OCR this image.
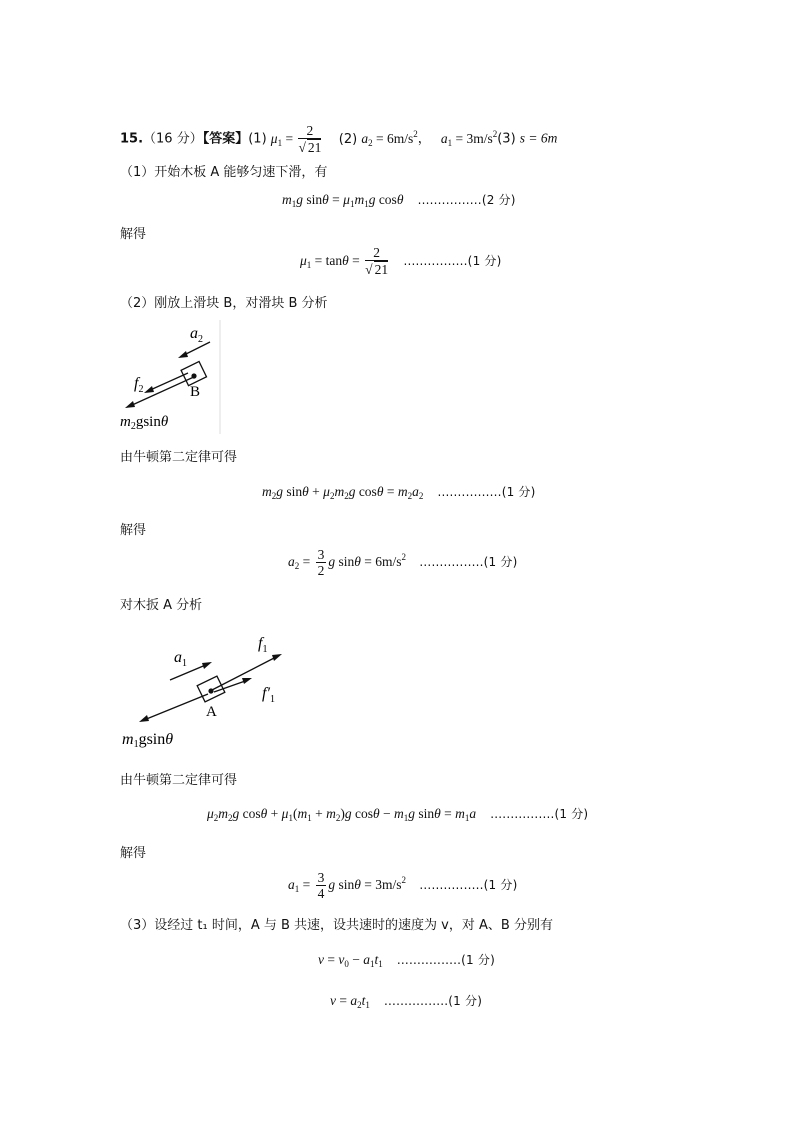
15.（16 分）【答案】(1) $\mu_1 = \frac{2}{√ 21} (2) a_2 = 6m/s^2$， $a_1 = 3m/s^2(3) s = 6m$
（1）开始木板 A 能够匀速下滑，有
$m_1g$ $\sin\theta = \mu_1m_1g$ cosθ ................(2 分)
解得
$\mu_1 = \tan\theta = \frac{2}{√ 21} ................(1$ 分)
（2）刚放上滑块 B，对滑块 B 分析
$a_2$
B
$f_2$
$m_2gsin\theta$
由牛顿第二定律可得
$m_2g$ $\sin\theta + \mu_2m_2g$ $\cos\theta = m_2a_2$ ................(1 分)
解得
$a_2 = \frac{3}{2}$ g $\sin\theta = 6m/s^2$ ................(1 分)
对木扳 A 分析
$a_1$
$f_1$
$f'_1$
A
m1gsinθ
由牛顿第二定律可得
$\mu_2m_2g$ $\cos\theta + \mu_1(m_1 + m_2)g$ $\cos\theta - m_1g$ $\sin\theta = m_1a$ ................(1 分)
解得
$a_1 = \frac{3}{4}$ g $\sin\theta = 3m/s^2$ ................(1 分)
（3）设经过 t₁ 时间，A 与 B 共速，设共速时的速度为 v，对 A、B 分别有
$v = v_0 - a_1t_1$ ................(1 分)
$v = a_2t_1$ ................(1 分)
